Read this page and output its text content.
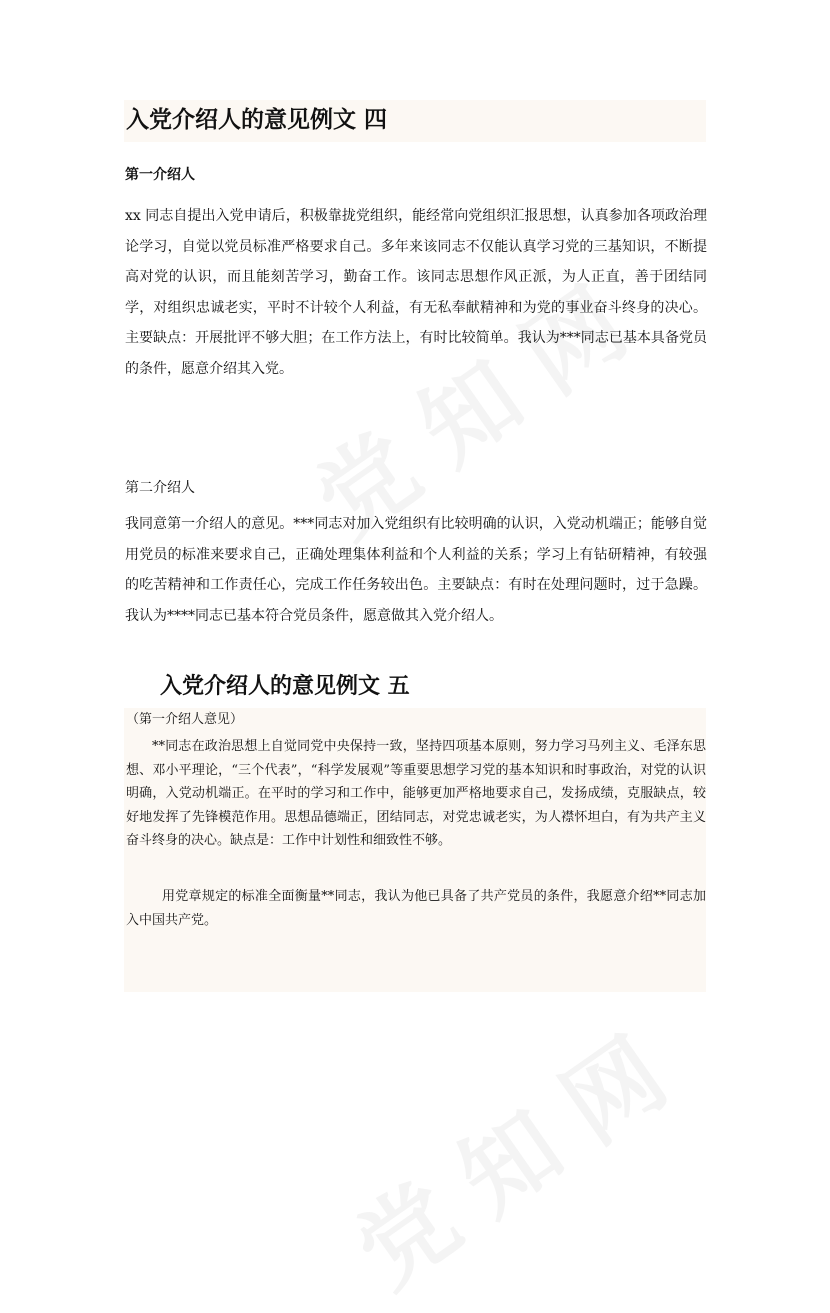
入党介绍人的意见例文 四
第一介绍人
xx 同志自提出入党申请后，积极靠拢党组织，能经常向党组织汇报思想，认真参加各项政治理论学习，自觉以党员标准严格要求自己。多年来该同志不仅能认真学习党的三基知识，不断提高对党的认识，而且能刻苦学习，勤奋工作。该同志思想作风正派，为人正直，善于团结同学，对组织忠诚老实，平时不计较个人利益，有无私奉献精神和为党的事业奋斗终身的决心。主要缺点：开展批评不够大胆；在工作方法上，有时比较简单。我认为***同志已基本具备党员的条件，愿意介绍其入党。
第二介绍人
我同意第一介绍人的意见。***同志对加入党组织有比较明确的认识，入党动机端正；能够自觉用党员的标准来要求自己，正确处理集体利益和个人利益的关系；学习上有钻研精神，有较强的吃苦精神和工作责任心，完成工作任务较出色。主要缺点：有时在处理问题时，过于急躁。我认为****同志已基本符合党员条件，愿意做其入党介绍人。
入党介绍人的意见例文 五
（第一介绍人意见）

**同志在政治思想上自觉同党中央保持一致，坚持四项基本原则，努力学习马列主义、毛泽东思想、邓小平理论，“三个代表”，“科学发展观”等重要思想学习党的基本知识和时事政治，对党的认识明确，入党动机端正。在平时的学习和工作中，能够更加严格地要求自己，发扬成绩，克服缺点，较好地发挥了先锋模范作用。思想品德端正，团结同志，对党忠诚老实，为人襟怀坦白，有为共产主义奋斗终身的决心。缺点是：工作中计划性和细致性不够。

用党章规定的标准全面衡量**同志，我认为他已具备了共产党员的条件，我愿意介绍**同志加入中国共产党。
